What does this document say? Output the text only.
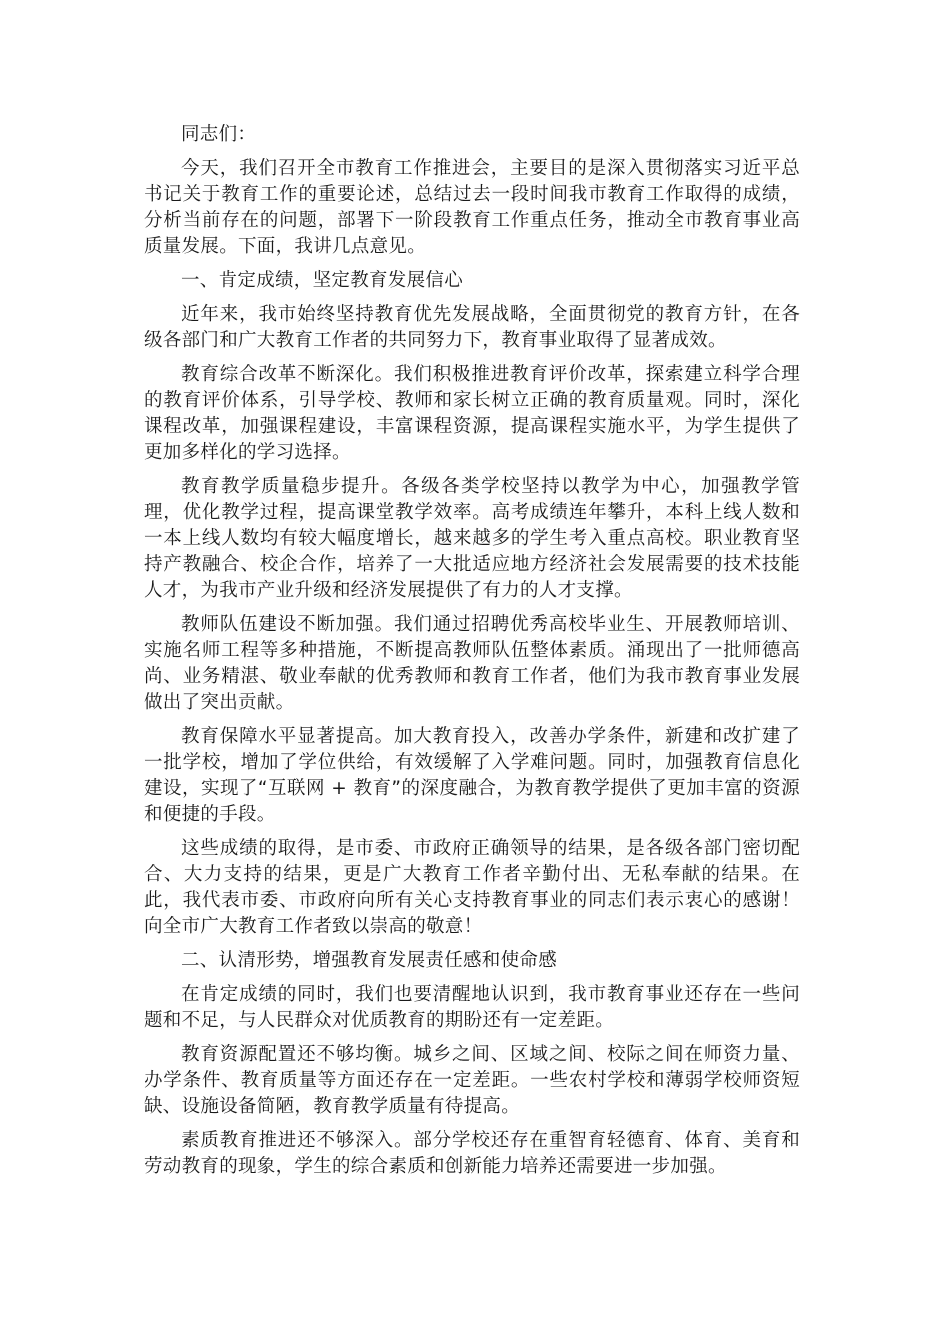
同志们：

今天，我们召开全市教育工作推进会，主要目的是深入贯彻落实习近平总书记关于教育工作的重要论述，总结过去一段时间我市教育工作取得的成绩，分析当前存在的问题，部署下一阶段教育工作重点任务，推动全市教育事业高质量发展。下面，我讲几点意见。

一、肯定成绩，坚定教育发展信心

近年来，我市始终坚持教育优先发展战略，全面贯彻党的教育方针，在各级各部门和广大教育工作者的共同努力下，教育事业取得了显著成效。

教育综合改革不断深化。我们积极推进教育评价改革，探索建立科学合理的教育评价体系，引导学校、教师和家长树立正确的教育质量观。同时，深化课程改革，加强课程建设，丰富课程资源，提高课程实施水平，为学生提供了更加多样化的学习选择。

教育教学质量稳步提升。各级各类学校坚持以教学为中心，加强教学管理，优化教学过程，提高课堂教学效率。高考成绩连年攀升，本科上线人数和一本上线人数均有较大幅度增长，越来越多的学生考入重点高校。职业教育坚持产教融合、校企合作，培养了一大批适应地方经济社会发展需要的技术技能人才，为我市产业升级和经济发展提供了有力的人才支撑。

教师队伍建设不断加强。我们通过招聘优秀高校毕业生、开展教师培训、实施名师工程等多种措施，不断提高教师队伍整体素质。涌现出了一批师德高尚、业务精湛、敬业奉献的优秀教师和教育工作者，他们为我市教育事业发展做出了突出贡献。

教育保障水平显著提高。加大教育投入，改善办学条件，新建和改扩建了一批学校，增加了学位供给，有效缓解了入学难问题。同时，加强教育信息化建设，实现了“互联网 + 教育”的深度融合，为教育教学提供了更加丰富的资源和便捷的手段。

这些成绩的取得，是市委、市政府正确领导的结果，是各级各部门密切配合、大力支持的结果，更是广大教育工作者辛勤付出、无私奉献的结果。在此，我代表市委、市政府向所有关心支持教育事业的同志们表示衷心的感谢！向全市广大教育工作者致以崇高的敬意！

二、认清形势，增强教育发展责任感和使命感

在肯定成绩的同时，我们也要清醒地认识到，我市教育事业还存在一些问题和不足，与人民群众对优质教育的期盼还有一定差距。

教育资源配置还不够均衡。城乡之间、区域之间、校际之间在师资力量、办学条件、教育质量等方面还存在一定差距。一些农村学校和薄弱学校师资短缺、设施设备简陋，教育教学质量有待提高。

素质教育推进还不够深入。部分学校还存在重智育轻德育、体育、美育和劳动教育的现象，学生的综合素质和创新能力培养还需要进一步加强。
